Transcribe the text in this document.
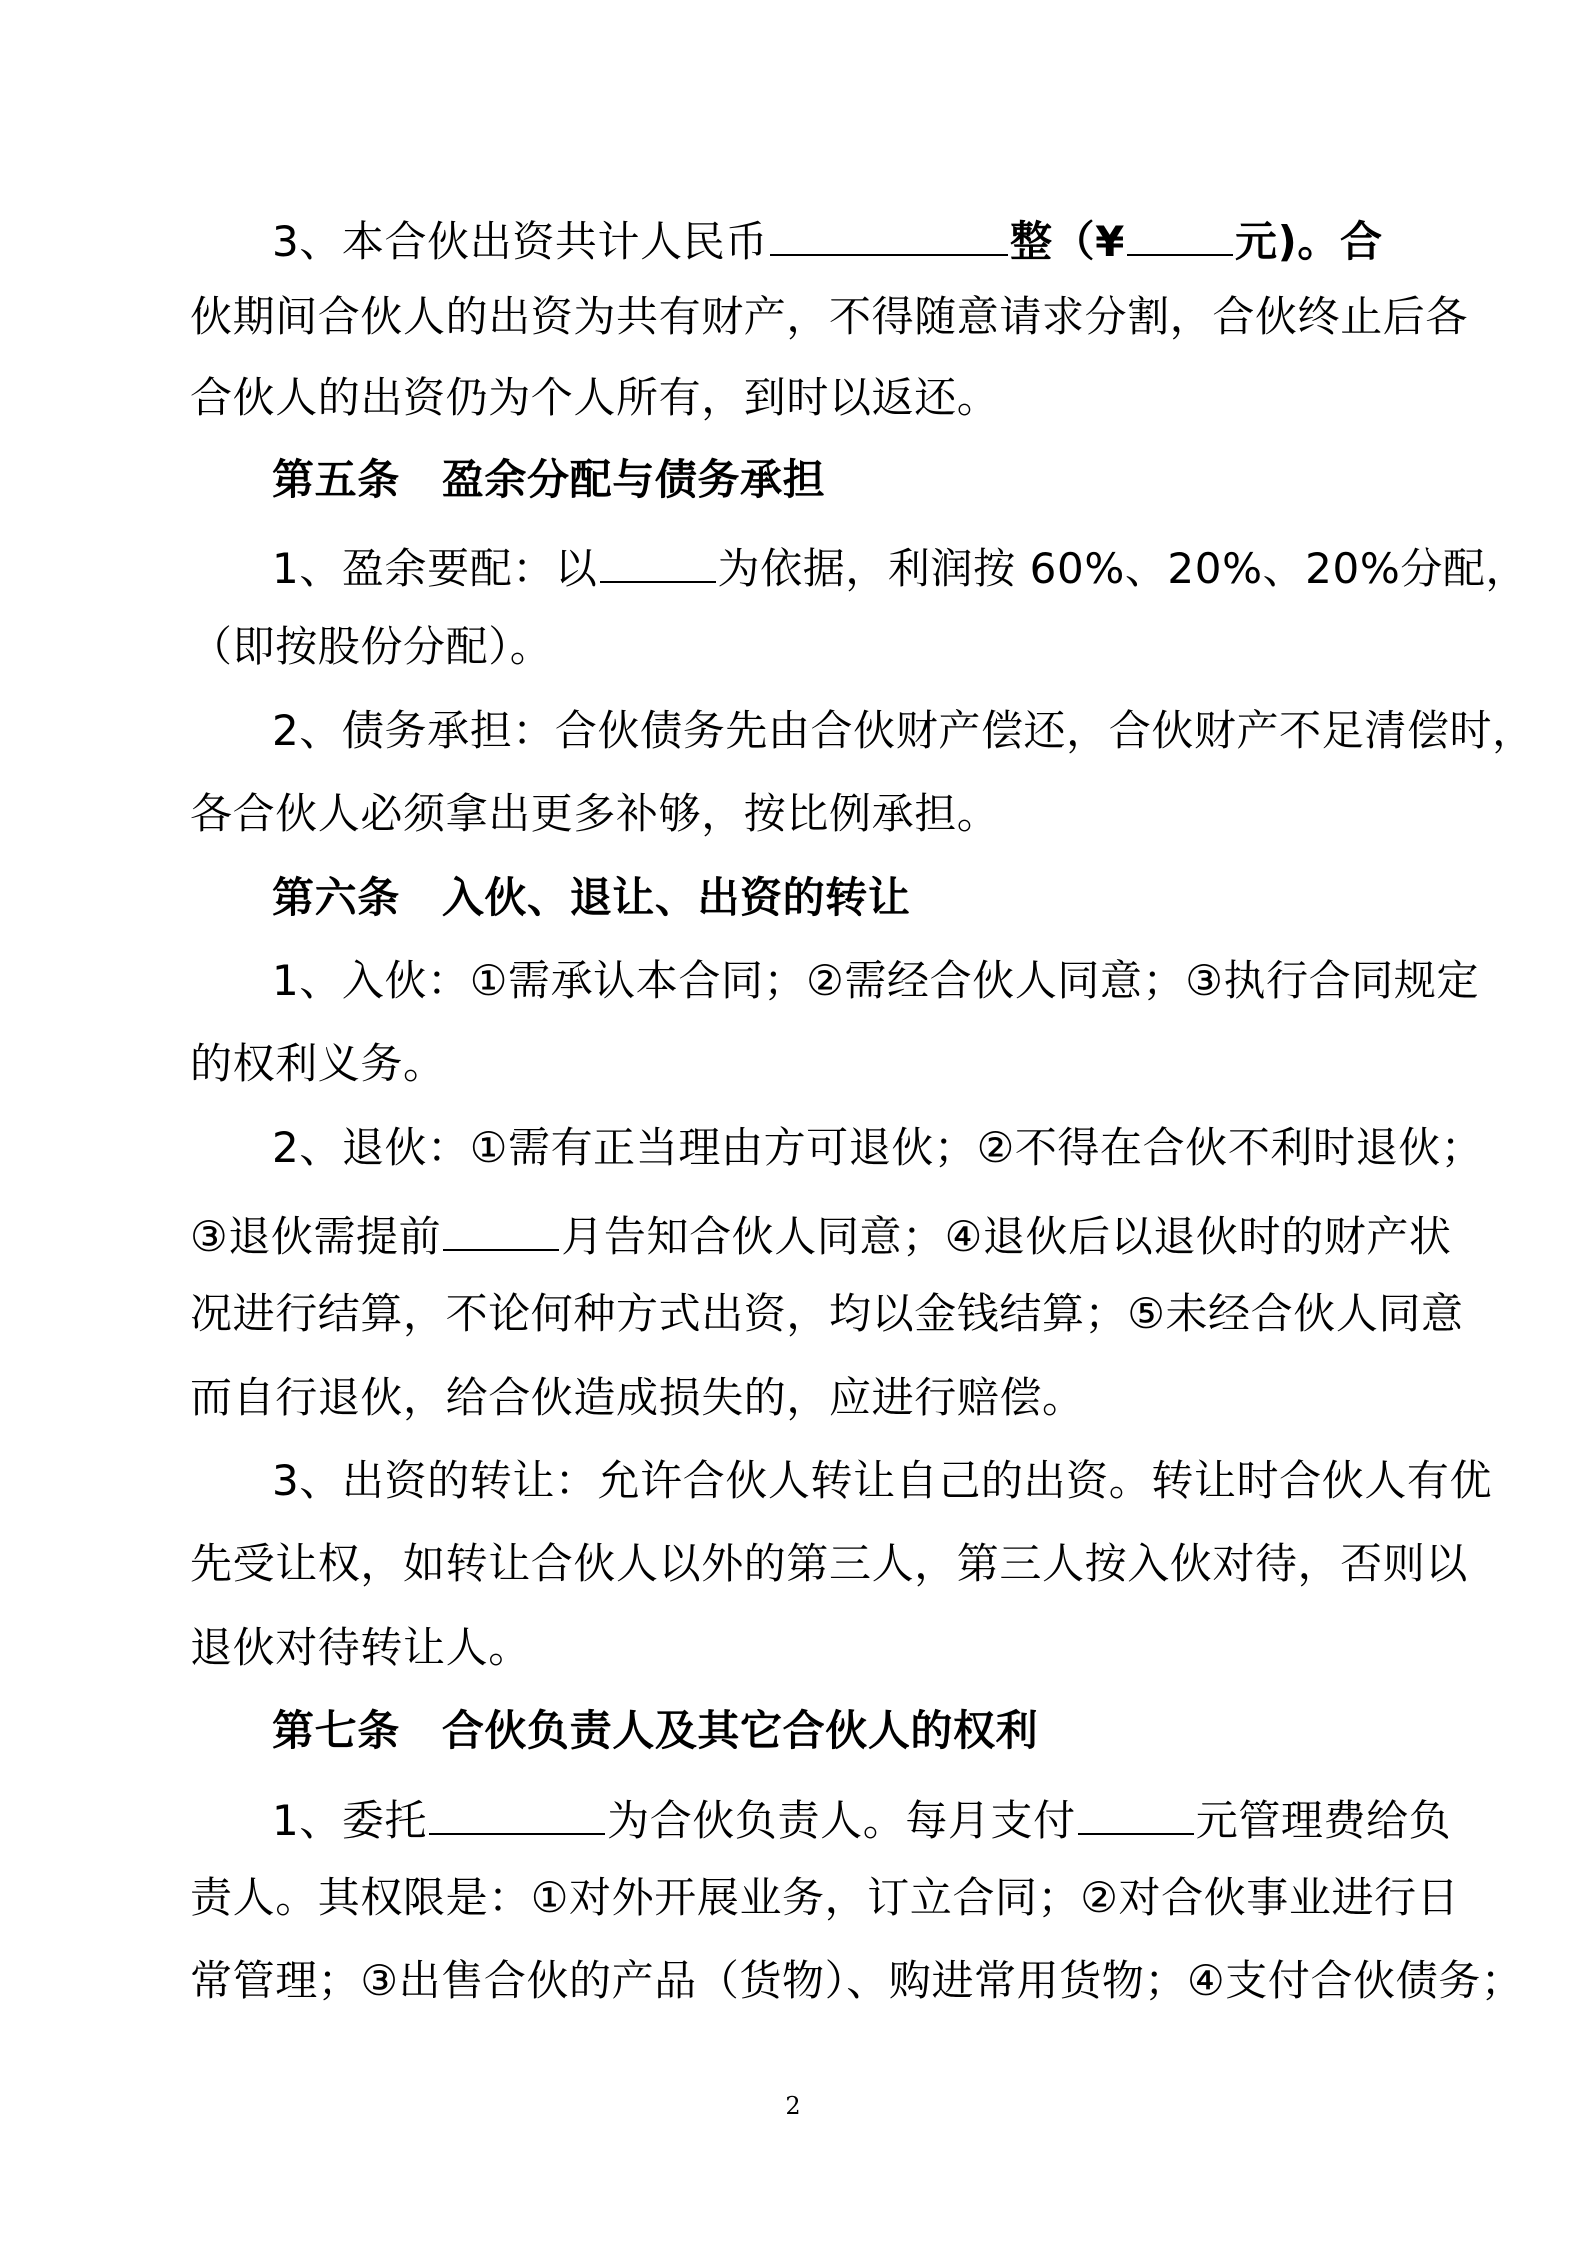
3、本合伙出资共计人民币	整（¥	元)。合
伙期间合伙人的出资为共有财产，不得随意请求分割，合伙终止后各
合伙人的出资仍为个人所有，到时以返还。
第五条 盈余分配与债务承担
1、盈余要配：以	为依据，利润按 60%、20%、20%分配，
（即按股份分配）。
2、债务承担：合伙债务先由合伙财产偿还，合伙财产不足清偿时，
各合伙人必须拿出更多补够，按比例承担。
第六条 入伙、退让、出资的转让
1、入伙：①需承认本合同；②需经合伙人同意；③执行合同规定
的权利义务。
2、退伙：①需有正当理由方可退伙；②不得在合伙不利时退伙；
③退伙需提前	月告知合伙人同意；④退伙后以退伙时的财产状
况进行结算，不论何种方式出资，均以金钱结算；⑤未经合伙人同意
而自行退伙，给合伙造成损失的，应进行赔偿。
3、出资的转让：允许合伙人转让自己的出资。转让时合伙人有优
先受让权，如转让合伙人以外的第三人，第三人按入伙对待，否则以
退伙对待转让人。
第七条 合伙负责人及其它合伙人的权利
1、委托	为合伙负责人。每月支付	元管理费给负
责人。其权限是：①对外开展业务，订立合同；②对合伙事业进行日
常管理；③出售合伙的产品（货物）、购进常用货物；④支付合伙债务；
2
